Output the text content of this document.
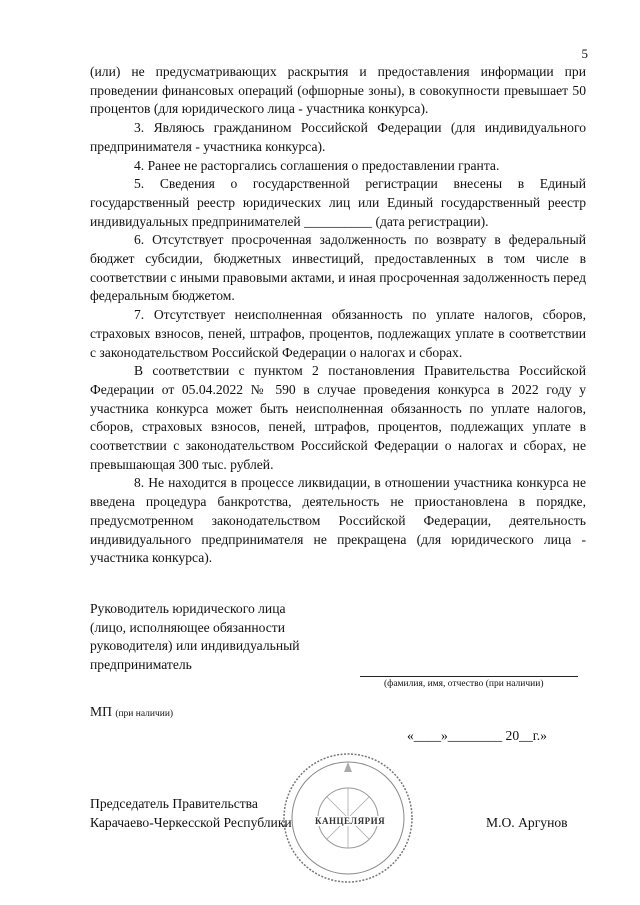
5

(или) не предусматривающих раскрытия и предоставления информации при проведении финансовых операций (офшорные зоны), в совокупности превышает 50 процентов (для юридического лица - участника конкурса).

3. Являюсь гражданином Российской Федерации (для индивидуального предпринимателя - участника конкурса).

4. Ранее не расторгались соглашения о предоставлении гранта.

5. Сведения о государственной регистрации внесены в Единый государственный реестр юридических лиц или Единый государственный реестр индивидуальных предпринимателей __________ (дата регистрации).

6. Отсутствует просроченная задолженность по возврату в федеральный бюджет субсидии, бюджетных инвестиций, предоставленных в том числе в соответствии с иными правовыми актами, и иная просроченная задолженность перед федеральным бюджетом.

7. Отсутствует неисполненная обязанность по уплате налогов, сборов, страховых взносов, пеней, штрафов, процентов, подлежащих уплате в соответствии с законодательством Российской Федерации о налогах и сборах.

В соответствии с пунктом 2 постановления Правительства Российской Федерации от 05.04.2022 № 590 в случае проведения конкурса в 2022 году у участника конкурса может быть неисполненная обязанность по уплате налогов, сборов, страховых взносов, пеней, штрафов, процентов, подлежащих уплате в соответствии с законодательством Российской Федерации о налогах и сборах, не превышающая 300 тыс. рублей.

8. Не находится в процессе ликвидации, в отношении участника конкурса не введена процедура банкротства, деятельность не приостановлена в порядке, предусмотренном законодательством Российской Федерации, деятельность индивидуального предпринимателя не прекращена (для юридического лица - участника конкурса).

Руководитель юридического лица
(лицо, исполняющее обязанности
руководителя) или индивидуальный
предприниматель
(фамилия, имя, отчество (при наличии)
МП (при наличии)
«____»________ 20__г.»
КАНЦЕЛЯРИЯ
Председатель Правительства
Карачаево-Черкесской Республики	М.О. Аргунов
